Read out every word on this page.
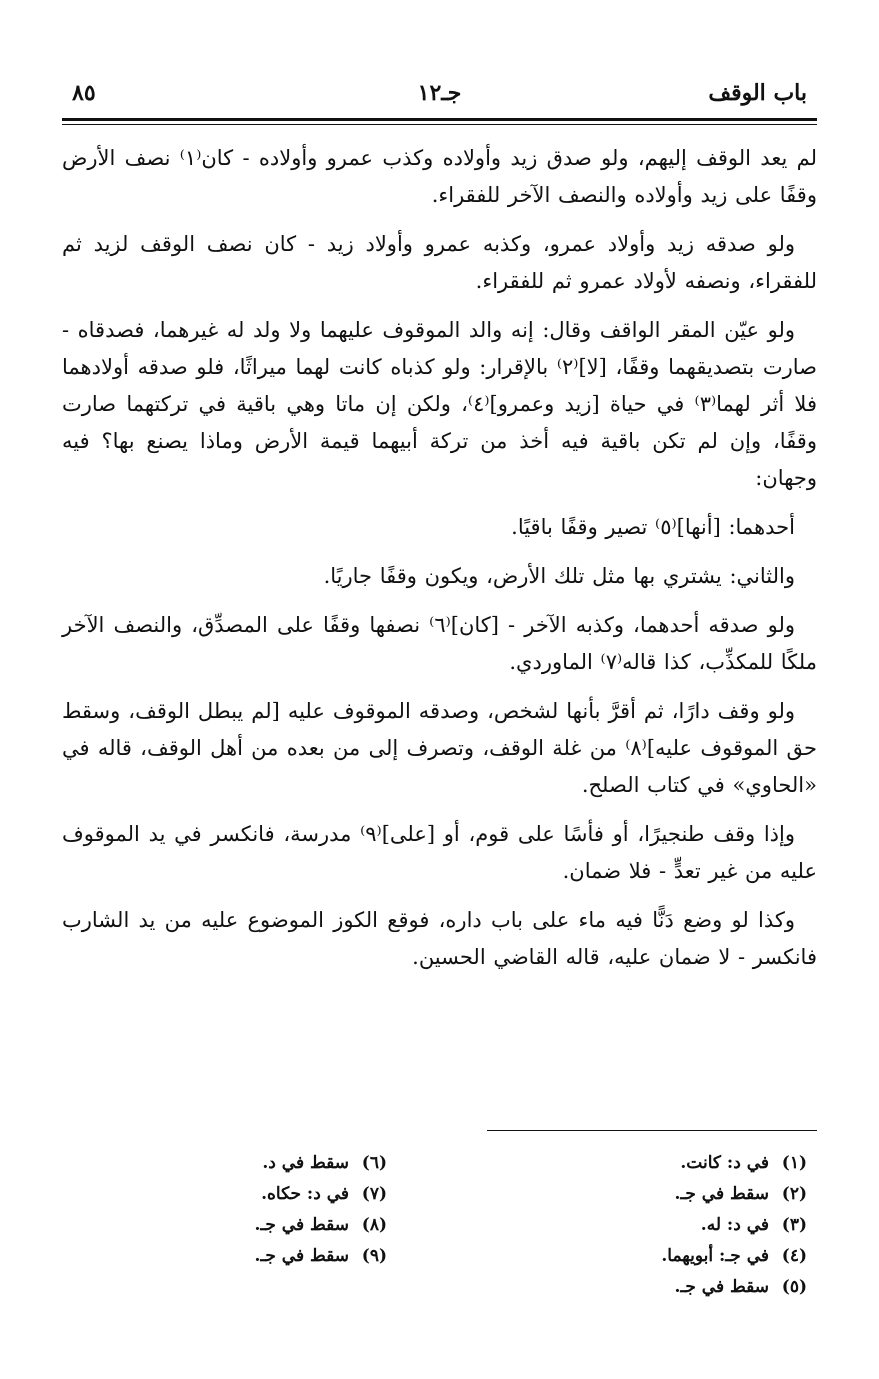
باب الوقف
جـ١٢
٨٥

لم يعد الوقف إليهم، ولو صدق زيد وأولاده وكذب عمرو وأولاده - كان⁽١⁾ نصف الأرض وقفًا على زيد وأولاده والنصف الآخر للفقراء.

ولو صدقه زيد وأولاد عمرو، وكذبه عمرو وأولاد زيد - كان نصف الوقف لزيد ثم للفقراء، ونصفه لأولاد عمرو ثم للفقراء.

ولو عيّن المقر الواقف وقال: إنه والد الموقوف عليهما ولا ولد له غيرهما، فصدقاه - صارت بتصديقهما وقفًا، [لا]⁽٢⁾ بالإقرار: ولو كذباه كانت لهما ميراثًا، فلو صدقه أولادهما فلا أثر لهما⁽٣⁾ في حياة [زيد وعمرو]⁽٤⁾، ولكن إن ماتا وهي باقية في تركتهما صارت وقفًا، وإن لم تكن باقية فيه أخذ من تركة أبيهما قيمة الأرض وماذا يصنع بها؟ فيه وجهان:

أحدهما: [أنها]⁽٥⁾ تصير وقفًا باقيًا.

والثاني: يشتري بها مثل تلك الأرض، ويكون وقفًا جاريًا.

ولو صدقه أحدهما، وكذبه الآخر - [كان]⁽٦⁾ نصفها وقفًا على المصدِّق، والنصف الآخر ملكًا للمكذِّب، كذا قاله⁽٧⁾ الماوردي.

ولو وقف دارًا، ثم أقرَّ بأنها لشخص، وصدقه الموقوف عليه [لم يبطل الوقف، وسقط حق الموقوف عليه]⁽٨⁾ من غلة الوقف، وتصرف إلى من بعده من أهل الوقف، قاله في «الحاوي» في كتاب الصلح.

وإذا وقف طنجيرًا، أو فأسًا على قوم، أو [على]⁽٩⁾ مدرسة، فانكسر في يد الموقوف عليه من غير تعدٍّ - فلا ضمان.

وكذا لو وضع دَنًّا فيه ماء على باب داره، فوقع الكوز الموضوع عليه من يد الشارب فانكسر - لا ضمان عليه، قاله القاضي الحسين.

(١)في د: كانت.
(٢)سقط في جـ.
(٣)في د: له.
(٤)في جـ: أبويهما.
(٥)سقط في جـ.
(٦)سقط في د.
(٧)في د: حكاه.
(٨)سقط في جـ.
(٩)سقط في جـ.
